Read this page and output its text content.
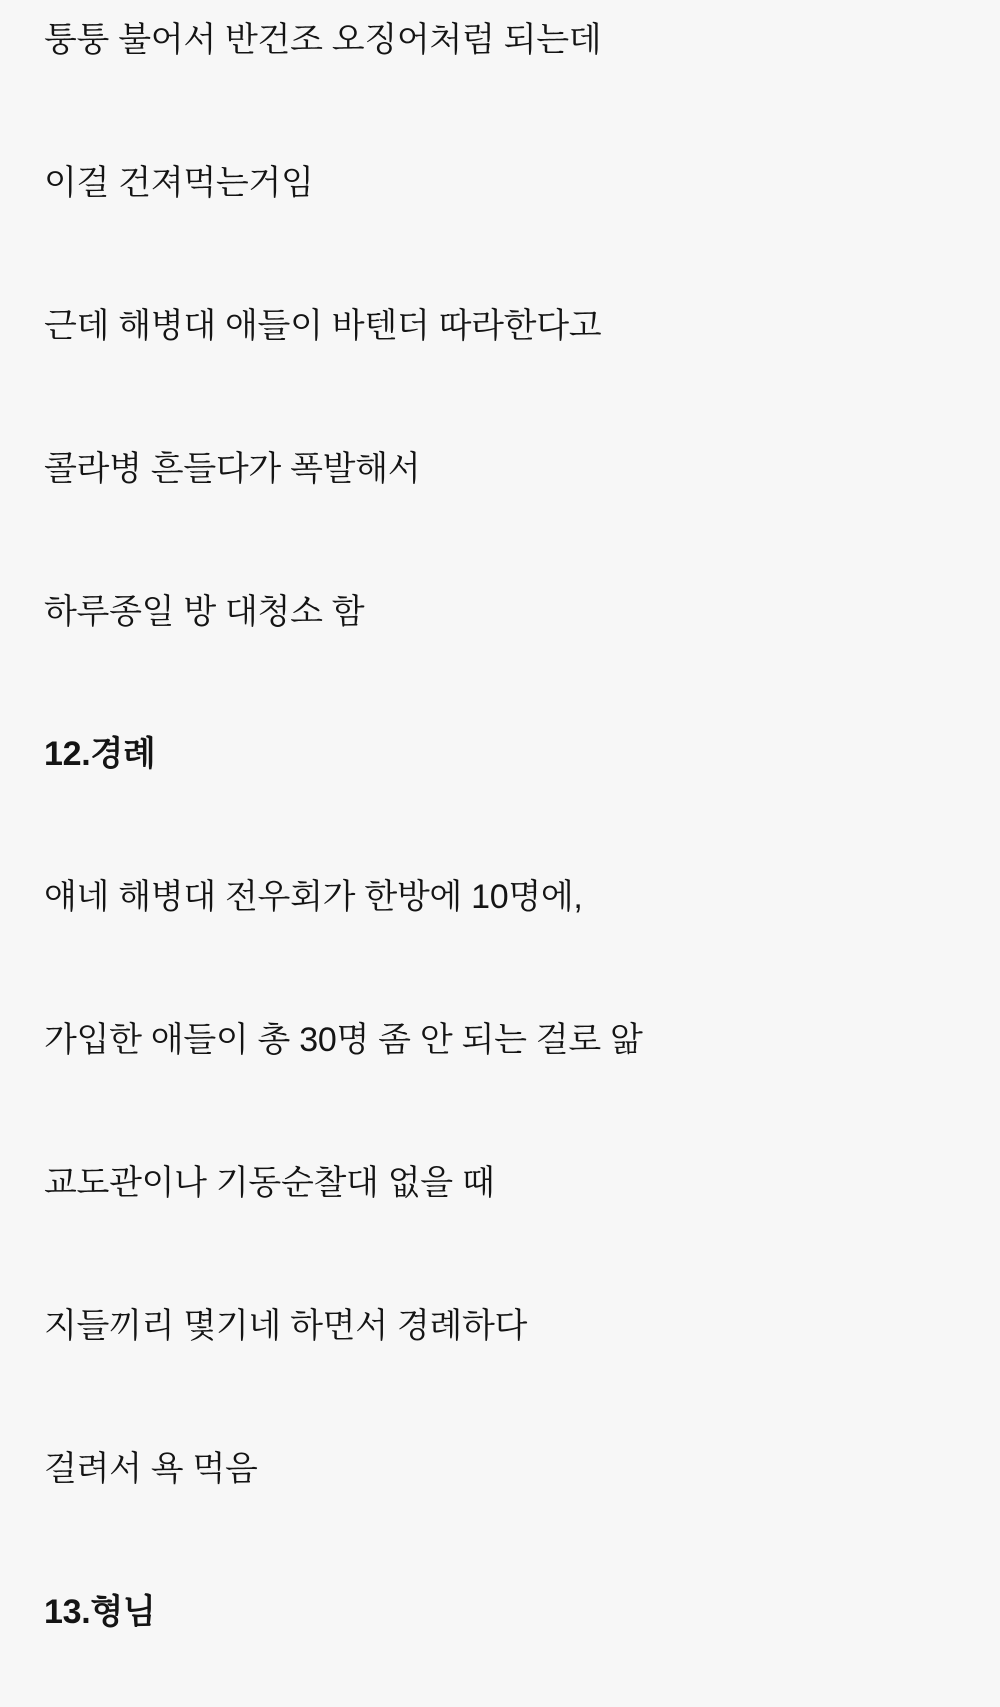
퉁퉁 불어서 반건조 오징어처럼 되는데

이걸 건져먹는거임

근데 해병대 애들이 바텐더 따라한다고

콜라병 흔들다가 폭발해서

하루종일 방 대청소 함

12.경례

얘네 해병대 전우회가 한방에 10명에,

가입한 애들이 총 30명 좀 안 되는 걸로 앎

교도관이나 기동순찰대 없을 때

지들끼리 몇기네 하면서 경례하다

걸려서 욕 먹음

13.형님
